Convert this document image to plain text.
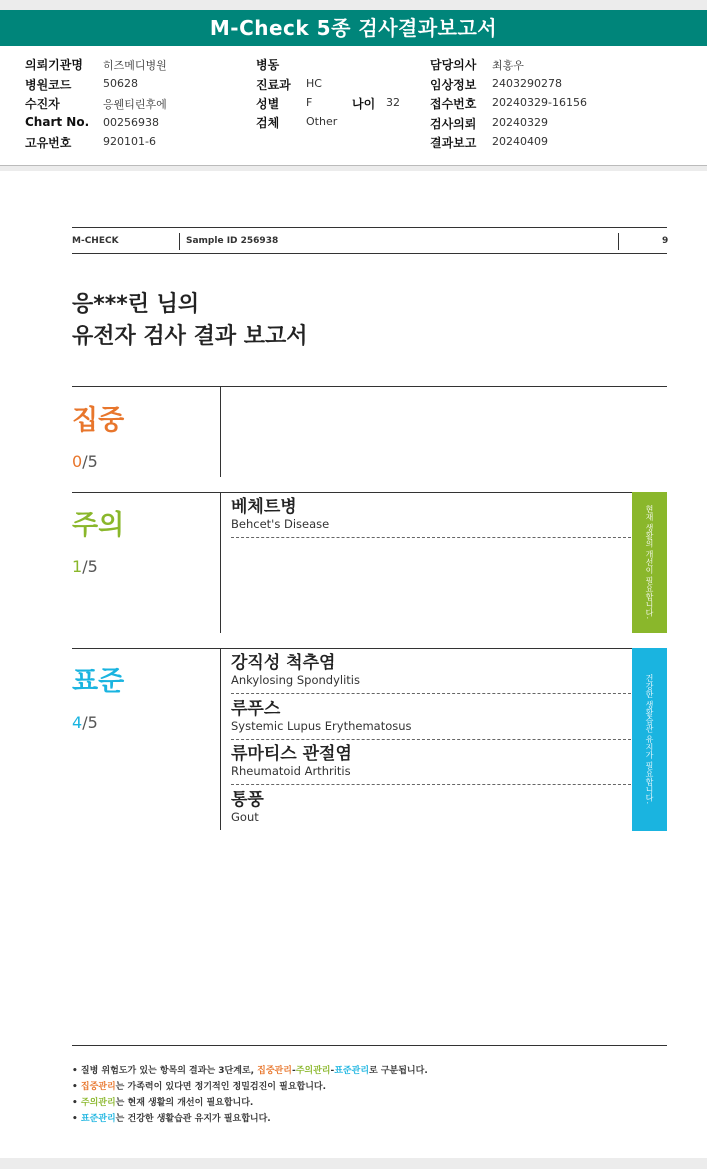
M-Check 5종 검사결과보고서
의뢰기관명 히즈메디병원
병원코드	50628
수진자	응웬티린후에
Chart No. 00256938
고유번호	920101-6
병동
진료과 HC
성별 F	나이 32
검체 Other
담당의사 최홍우
임상정보 2403290278
접수번호 20240329-16156
검사의뢰 20240329
결과보고 20240409
M-CHECK	Sample ID 256938	9
응***린 님의
유전자 검사 결과 보고서
집중
0/5
주의
1/5
베체트병
Behcet's Disease	현재 생활의 개선이 필요합니다.
표준
4/5
강직성 척추염
Ankylosing Spondylitis
루푸스
Systemic Lupus Erythematosus
류마티스 관절염
Rheumatoid Arthritis
통풍
Gout
건강한 생활습관 유지가 필요합니다.
• 질병 위험도가 있는 항목의 결과는 3단계로, 집중관리-주의관리-표준관리로 구분됩니다.
• 집중관리는 가족력이 있다면 정기적인 정밀검진이 필요합니다.
• 주의관리는 현재 생활의 개선이 필요합니다.
• 표준관리는 건강한 생활습관 유지가 필요합니다.
